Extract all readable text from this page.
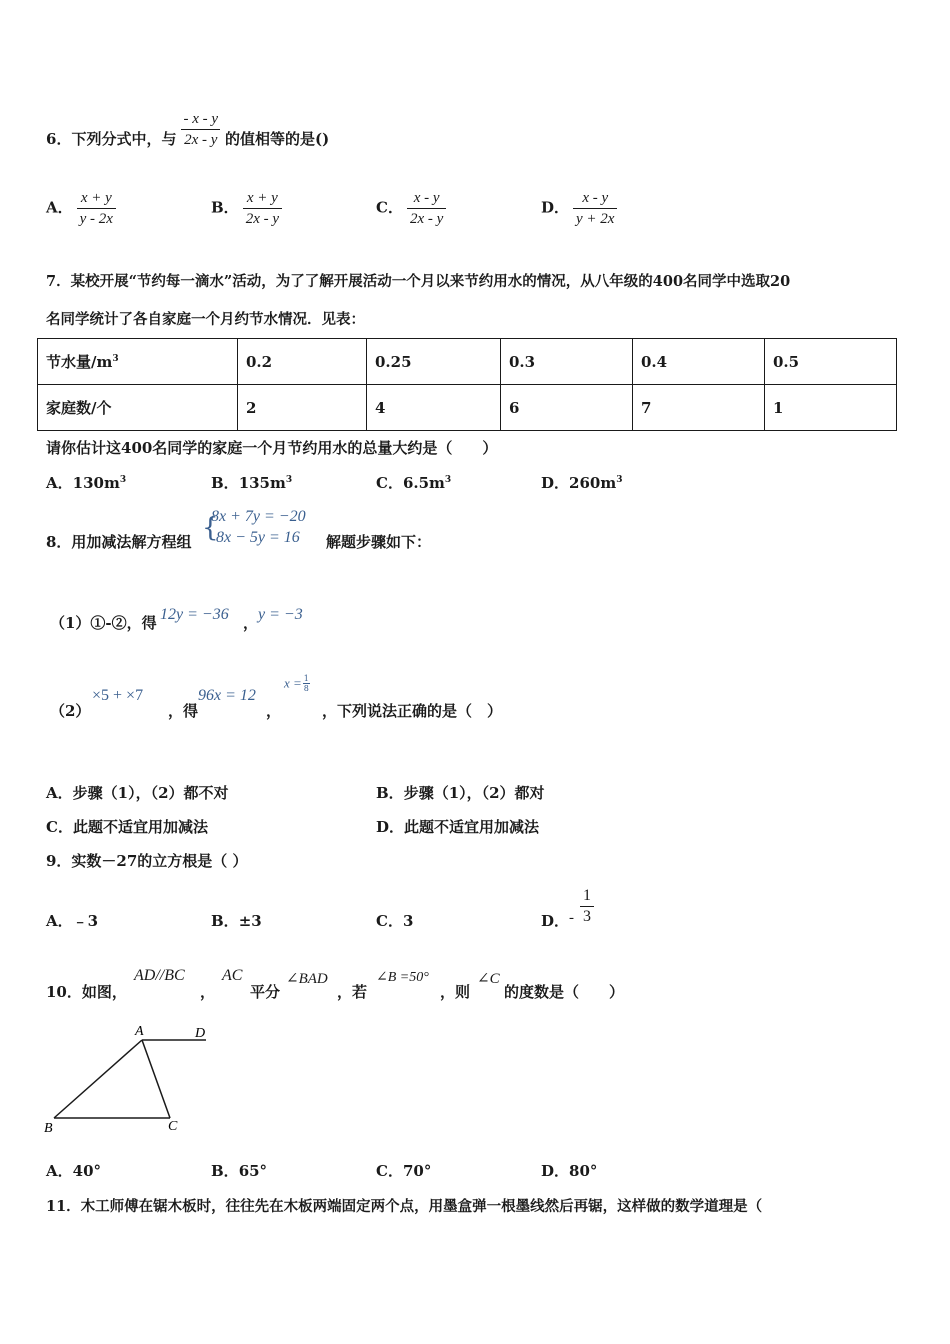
6．下列分式中，与 $\frac{- x - y}{2x - y}$ 的值相等的是()
A． $\frac{x + y}{y - 2x}$	B． $\frac{x + y}{2x - y}$	C． $\frac{x - y}{2x - y}$	D． $\frac{x - y}{y + 2x}$
7．某校开展“节约每一滴水”活动，为了了解开展活动一个月以来节约用水的情况，从八年级的400名同学中选取20
名同学统计了各自家庭一个月约节水情况．见表：
节水量$/m^3$	0.2	0.25	0.3	0.4	0.5
家庭数/个	2	4	6	7	1
请你估计这400名同学的家庭一个月节约用水的总量大约是（　　）
A．$130m^3$	B．$135m^3$	C．$6.5m^3$	D．$260m^3$
8．用加减法解方程组 {
8x + 7y = −20
8x − 5y = 16 解题步骤如下：
（1）①-②，得 12y = −36 ， y = −3
（2）
×5 + ×7
，得
96x = 12
，
$x = \frac{1}{8}$
，下列说法正确的是（　）
A．步骤（1），（2）都不对	B．步骤（1），（2）都对
C．此题不适宜用加减法	D．此题不适宜用加减法
9．实数－27的立方根是（ ）
A．﹣3	B．±3	C．3	D．- $\frac{1}{3}$
10．如图，
AD//BC
，
AC
平分
∠BAD
，若
∠B =50°
，则
∠C
的度数是（　　）
A	D
B	C
A．40°	B．65°	C．70°	D．80°
11．木工师傅在锯木板时，往往先在木板两端固定两个点，用墨盒弹一根墨线然后再锯，这样做的数学道理是（
